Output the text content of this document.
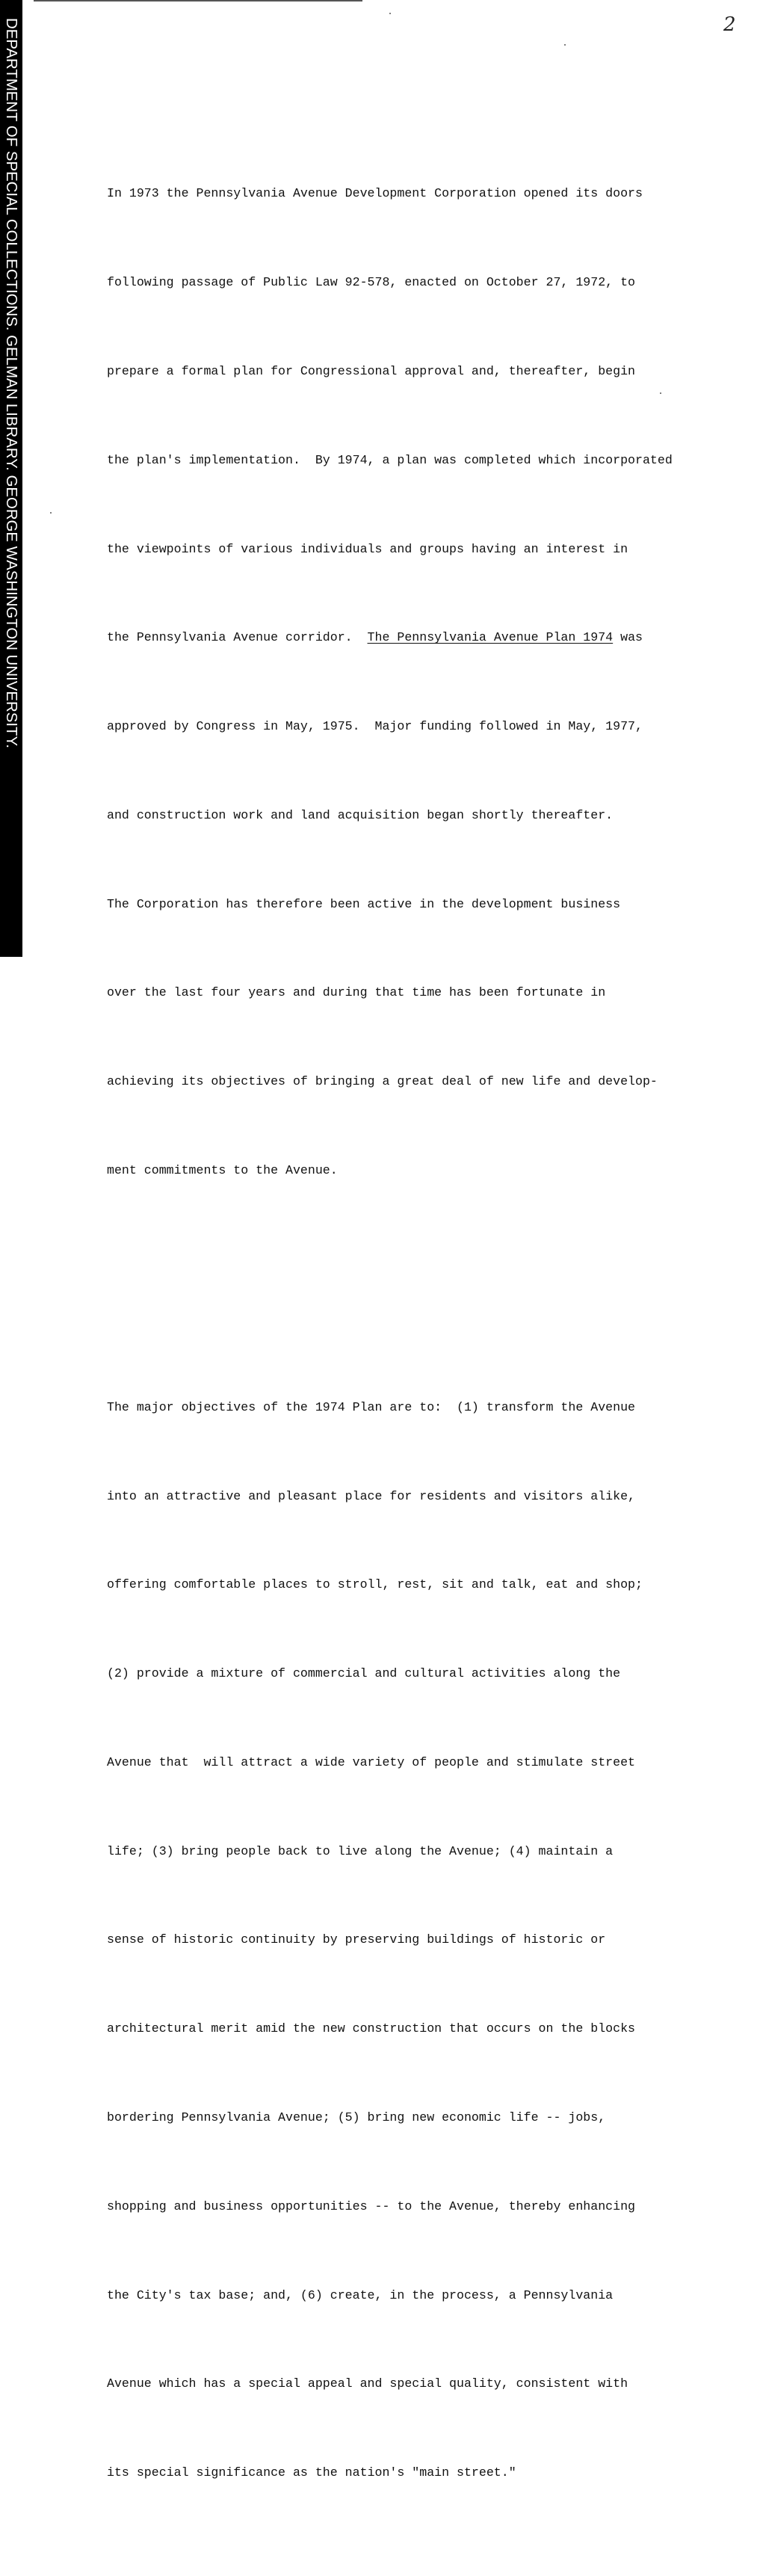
DEPARTMENT OF SPECIAL COLLECTIONS. GELMAN LIBRARY. GEORGE WASHINGTON UNIVERSITY.	2

In 1973 the Pennsylvania Avenue Development Corporation opened its doors

following passage of Public Law 92-578, enacted on October 27, 1972, to

prepare a formal plan for Congressional approval and, thereafter, begin

the plan's implementation.  By 1974, a plan was completed which incorporated

the viewpoints of various individuals and groups having an interest in

the Pennsylvania Avenue corridor.  The Pennsylvania Avenue Plan 1974 was

approved by Congress in May, 1975.  Major funding followed in May, 1977,

and construction work and land acquisition began shortly thereafter.

The Corporation has therefore been active in the development business

over the last four years and during that time has been fortunate in

achieving its objectives of bringing a great deal of new life and develop-

ment commitments to the Avenue.

The major objectives of the 1974 Plan are to:  (1) transform the Avenue

into an attractive and pleasant place for residents and visitors alike,

offering comfortable places to stroll, rest, sit and talk, eat and shop;

(2) provide a mixture of commercial and cultural activities along the

Avenue that  will attract a wide variety of people and stimulate street

life; (3) bring people back to live along the Avenue; (4) maintain a

sense of historic continuity by preserving buildings of historic or

architectural merit amid the new construction that occurs on the blocks

bordering Pennsylvania Avenue; (5) bring new economic life -- jobs,

shopping and business opportunities -- to the Avenue, thereby enhancing

the City's tax base; and, (6) create, in the process, a Pennsylvania

Avenue which has a special appeal and special quality, consistent with

its special significance as the nation's "main street."
